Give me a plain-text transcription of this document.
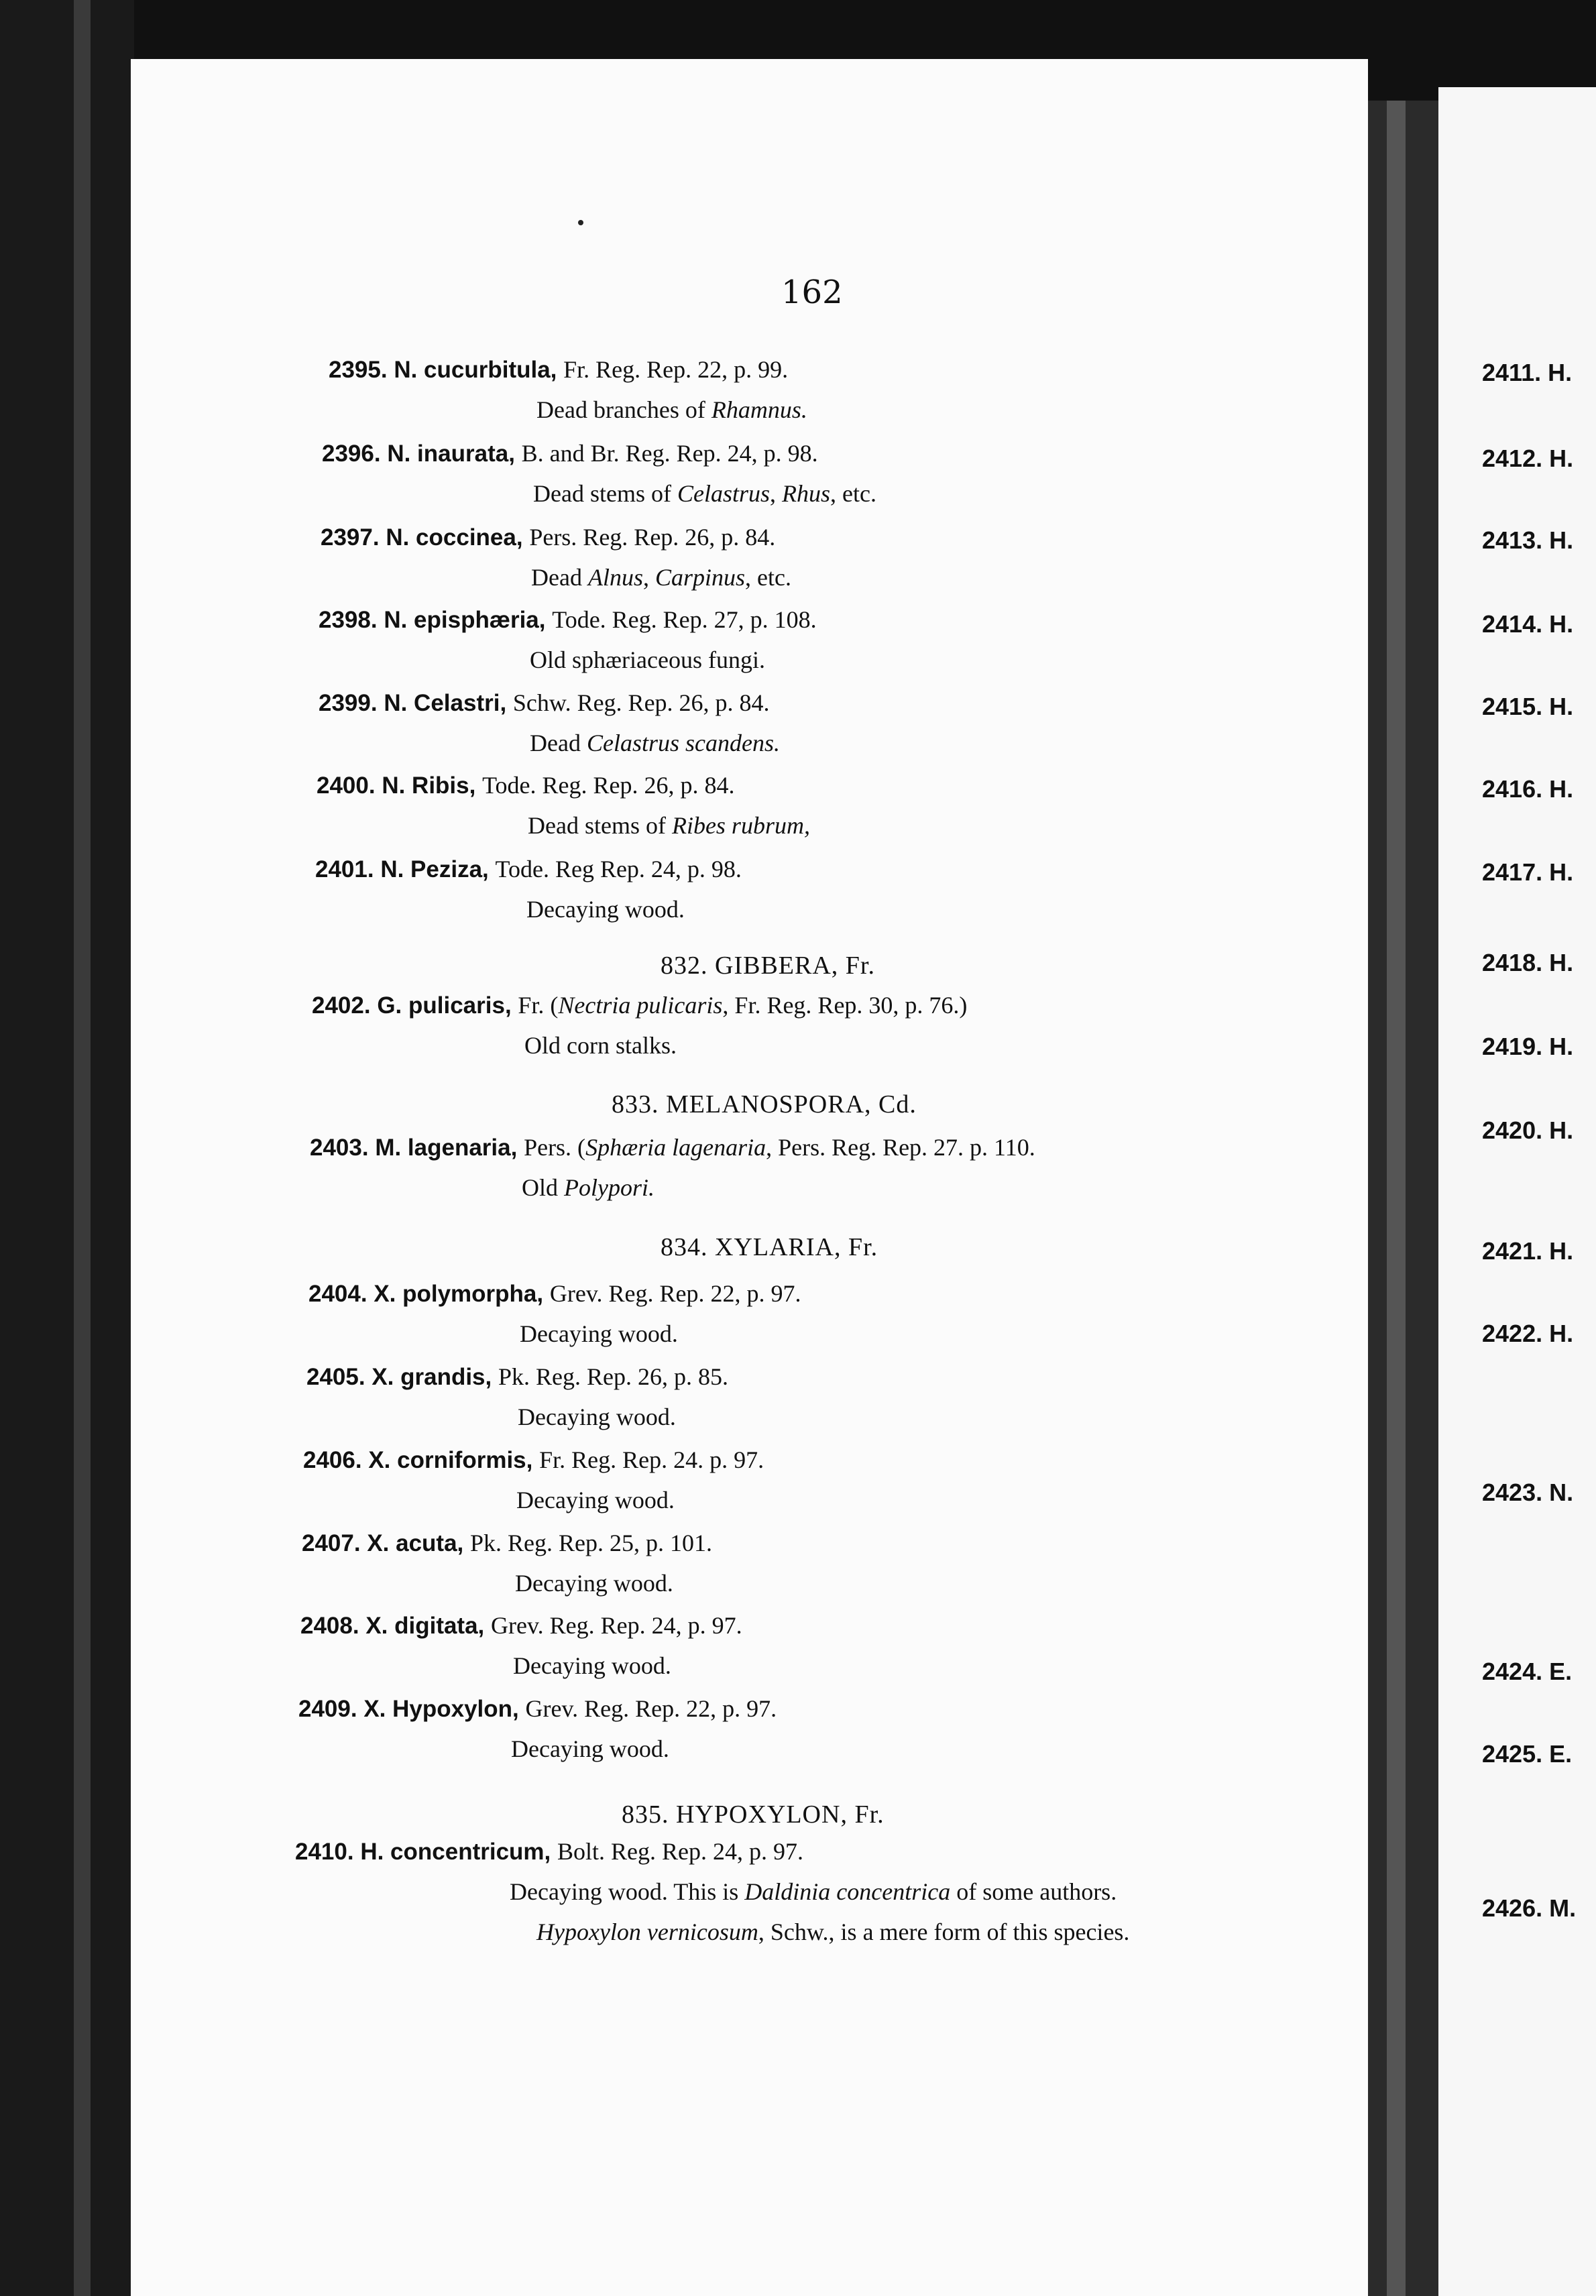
162
2395. N. cucurbitula, Fr. Reg. Rep. 22, p. 99.
Dead branches of Rhamnus.
2396. N. inaurata, B. and Br. Reg. Rep. 24, p. 98.
Dead stems of Celastrus, Rhus, etc.
2397. N. coccinea, Pers. Reg. Rep. 26, p. 84.
Dead Alnus, Carpinus, etc.
2398. N. episphæria, Tode. Reg. Rep. 27, p. 108.
Old sphæriaceous fungi.
2399. N. Celastri, Schw. Reg. Rep. 26, p. 84.
Dead Celastrus scandens.
2400. N. Ribis, Tode. Reg. Rep. 26, p. 84.
Dead stems of Ribes rubrum,
2401. N. Peziza, Tode. Reg Rep. 24, p. 98.
Decaying wood.
832. GIBBERA, Fr.
2402. G. pulicaris, Fr. (Nectria pulicaris, Fr. Reg. Rep. 30, p. 76.)
Old corn stalks.
833. MELANOSPORA, Cd.
2403. M. lagenaria, Pers. (Sphæria lagenaria, Pers. Reg. Rep. 27. p. 110.
Old Polypori.
834. XYLARIA, Fr.
2404. X. polymorpha, Grev. Reg. Rep. 22, p. 97.
Decaying wood.
2405. X. grandis, Pk. Reg. Rep. 26, p. 85.
Decaying wood.
2406. X. corniformis, Fr. Reg. Rep. 24. p. 97.
Decaying wood.
2407. X. acuta, Pk. Reg. Rep. 25, p. 101.
Decaying wood.
2408. X. digitata, Grev. Reg. Rep. 24, p. 97.
Decaying wood.
2409. X. Hypoxylon, Grev. Reg. Rep. 22, p. 97.
Decaying wood.
835. HYPOXYLON, Fr.
2410. H. concentricum, Bolt. Reg. Rep. 24, p. 97.
Decaying wood. This is Daldinia concentrica of some authors.
Hypoxylon vernicosum, Schw., is a mere form of this species.
2411. H.
2412. H.
2413. H.
2414. H.
2415. H.
2416. H.
2417. H.
2418. H.
2419. H.
2420. H.
2421. H.
2422. H.
2423. N.
2424. E.
2425. E.
2426. M.
